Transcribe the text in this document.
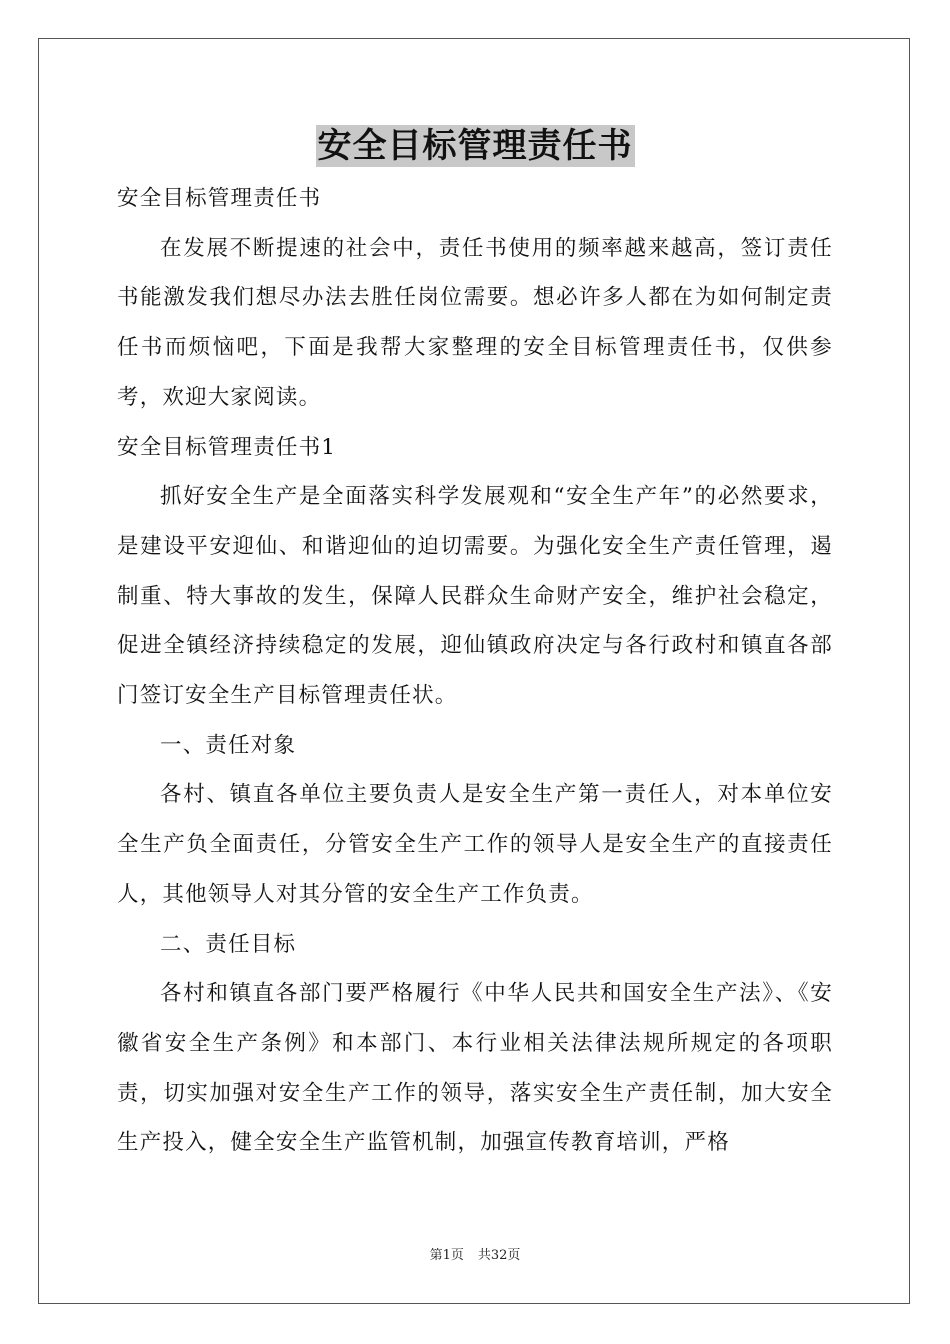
安全目标管理责任书

安全目标管理责任书

在发展不断提速的社会中，责任书使用的频率越来越高，签订责任书能激发我们想尽办法去胜任岗位需要。想必许多人都在为如何制定责任书而烦恼吧，下面是我帮大家整理的安全目标管理责任书，仅供参考，欢迎大家阅读。

安全目标管理责任书1

抓好安全生产是全面落实科学发展观和“安全生产年”的必然要求，是建设平安迎仙、和谐迎仙的迫切需要。为强化安全生产责任管理，遏制重、特大事故的发生，保障人民群众生命财产安全，维护社会稳定，促进全镇经济持续稳定的发展，迎仙镇政府决定与各行政村和镇直各部门签订安全生产目标管理责任状。

一、责任对象

各村、镇直各单位主要负责人是安全生产第一责任人，对本单位安全生产负全面责任，分管安全生产工作的领导人是安全生产的直接责任人，其他领导人对其分管的安全生产工作负责。

二、责任目标

各村和镇直各部门要严格履行《中华人民共和国安全生产法》、《安徽省安全生产条例》和本部门、本行业相关法律法规所规定的各项职责，切实加强对安全生产工作的领导，落实安全生产责任制，加大安全生产投入，健全安全生产监管机制，加强宣传教育培训，严格

第1页 共32页
